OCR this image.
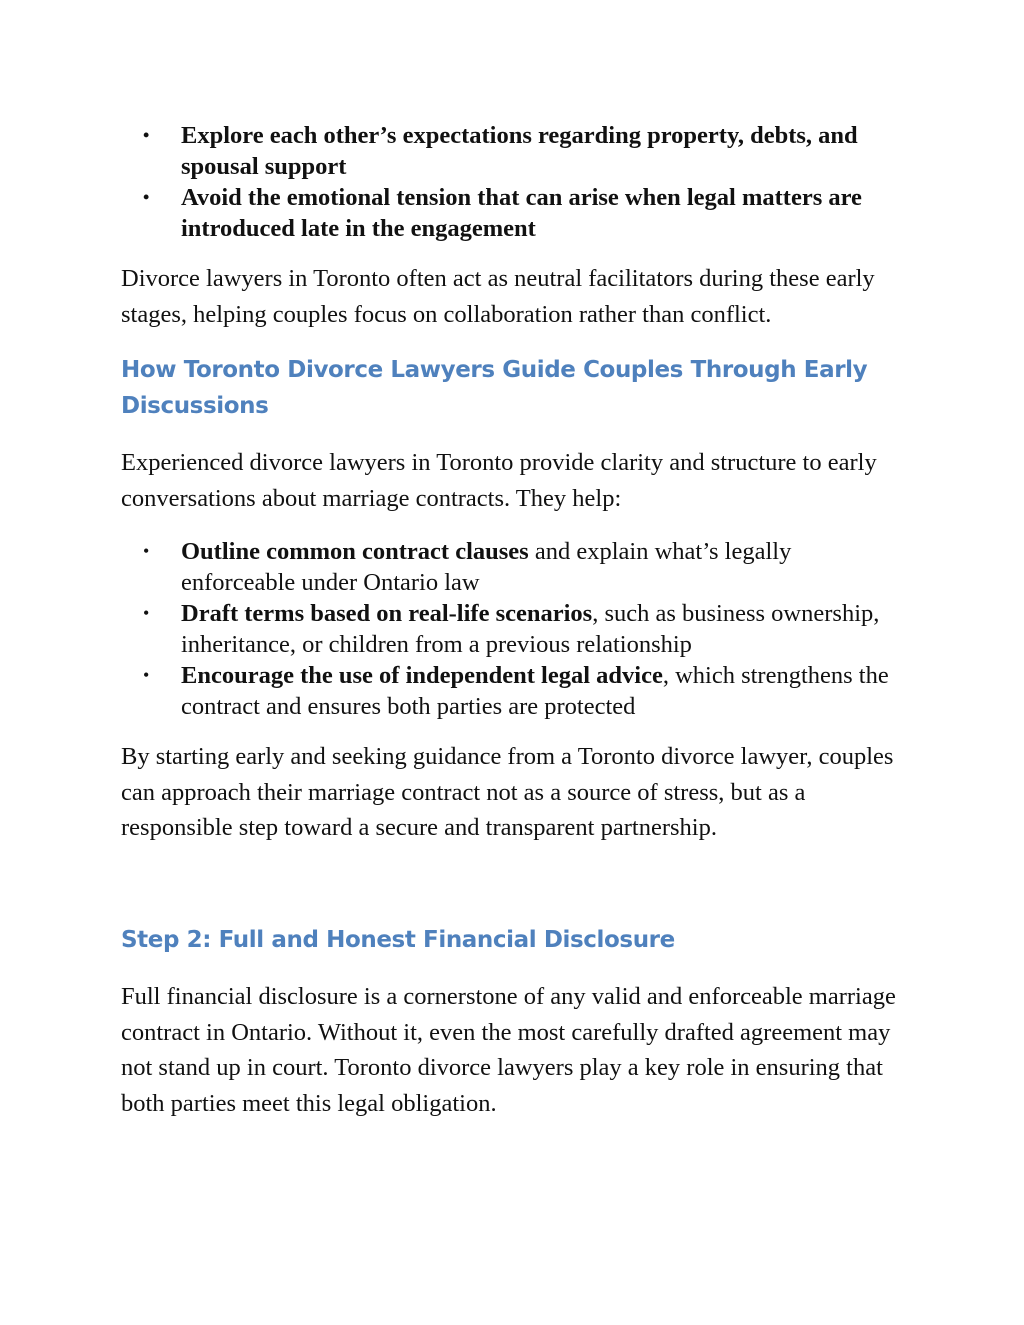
• Explore each other’s expectations regarding property, debts, and spousal support
• Avoid the emotional tension that can arise when legal matters are introduced late in the engagement

Divorce lawyers in Toronto often act as neutral facilitators during these early stages, helping couples focus on collaboration rather than conflict.

How Toronto Divorce Lawyers Guide Couples Through Early Discussions

Experienced divorce lawyers in Toronto provide clarity and structure to early conversations about marriage contracts. They help:

• Outline common contract clauses and explain what’s legally enforceable under Ontario law
• Draft terms based on real-life scenarios, such as business ownership, inheritance, or children from a previous relationship
• Encourage the use of independent legal advice, which strengthens the contract and ensures both parties are protected

By starting early and seeking guidance from a Toronto divorce lawyer, couples can approach their marriage contract not as a source of stress, but as a responsible step toward a secure and transparent partnership.

Step 2: Full and Honest Financial Disclosure

Full financial disclosure is a cornerstone of any valid and enforceable marriage contract in Ontario. Without it, even the most carefully drafted agreement may not stand up in court. Toronto divorce lawyers play a key role in ensuring that both parties meet this legal obligation.
